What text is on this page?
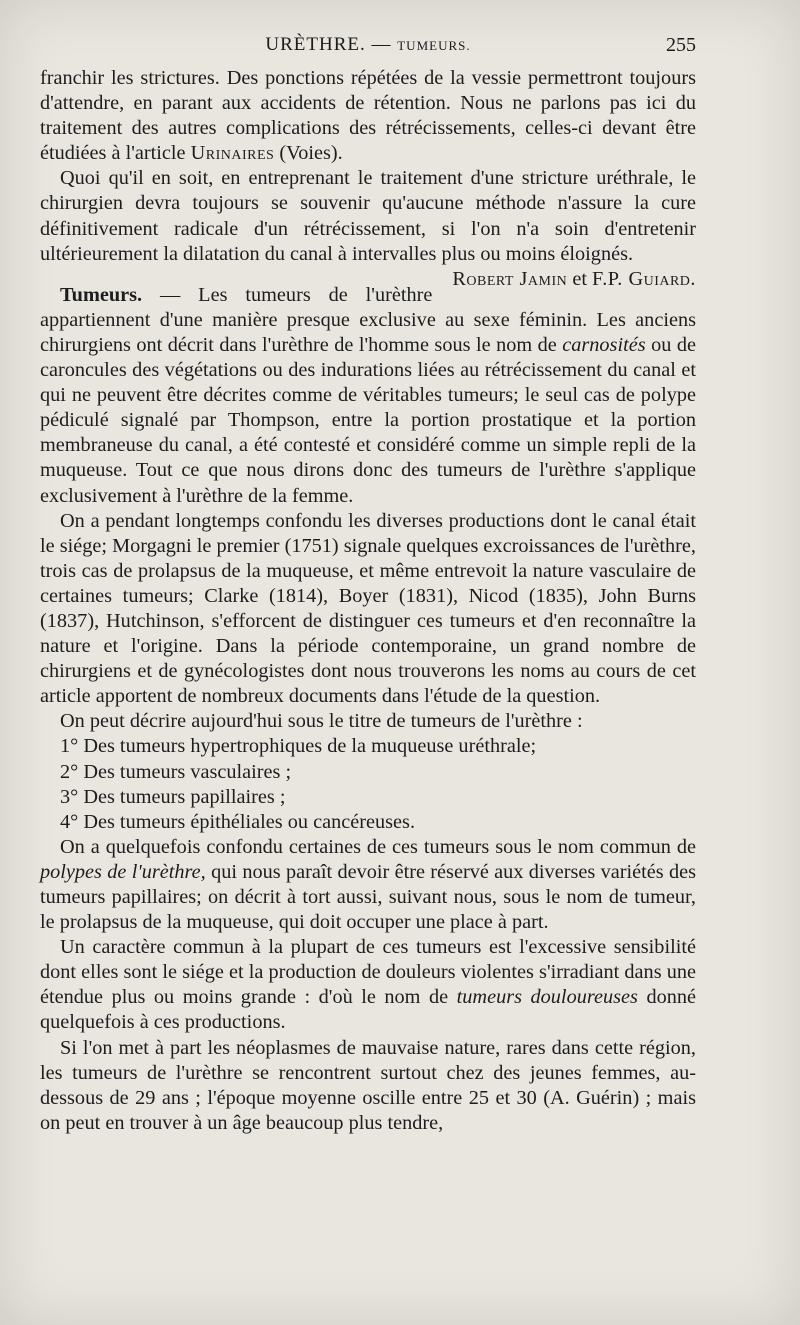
URÈTHRE. — TUMEURS.	255

franchir les strictures. Des ponctions répétées de la vessie permettront toujours d'attendre, en parant aux accidents de rétention. Nous ne parlons pas ici du traitement des autres complications des rétrécissements, celles-ci devant être étudiées à l'article Urinaires (Voies).

Quoi qu'il en soit, en entreprenant le traitement d'une stricture uréthrale, le chirurgien devra toujours se souvenir qu'aucune méthode n'assure la cure définitivement radicale d'un rétrécissement, si l'on n'a soin d'entretenir ultérieurement la dilatation du canal à intervalles plus ou moins éloignés.
Robert Jamin et F.P. Guiard.

Tumeurs. — Les tumeurs de l'urèthre appartiennent d'une manière presque exclusive au sexe féminin. Les anciens chirurgiens ont décrit dans l'urèthre de l'homme sous le nom de carnosités ou de caroncules des végétations ou des indurations liées au rétrécissement du canal et qui ne peuvent être décrites comme de véritables tumeurs; le seul cas de polype pédiculé signalé par Thompson, entre la portion prostatique et la portion membraneuse du canal, a été contesté et considéré comme un simple repli de la muqueuse. Tout ce que nous dirons donc des tumeurs de l'urèthre s'applique exclusivement à l'urèthre de la femme.

On a pendant longtemps confondu les diverses productions dont le canal était le siége; Morgagni le premier (1751) signale quelques excroissances de l'urèthre, trois cas de prolapsus de la muqueuse, et même entrevoit la nature vasculaire de certaines tumeurs; Clarke (1814), Boyer (1831), Nicod (1835), John Burns (1837), Hutchinson, s'efforcent de distinguer ces tumeurs et d'en reconnaître la nature et l'origine. Dans la période contemporaine, un grand nombre de chirurgiens et de gynécologistes dont nous trouverons les noms au cours de cet article apportent de nombreux documents dans l'étude de la question.

On peut décrire aujourd'hui sous le titre de tumeurs de l'urèthre :

1° Des tumeurs hypertrophiques de la muqueuse uréthrale;

2° Des tumeurs vasculaires ;

3° Des tumeurs papillaires ;

4° Des tumeurs épithéliales ou cancéreuses.

On a quelquefois confondu certaines de ces tumeurs sous le nom commun de polypes de l'urèthre, qui nous paraît devoir être réservé aux diverses variétés des tumeurs papillaires; on décrit à tort aussi, suivant nous, sous le nom de tumeur, le prolapsus de la muqueuse, qui doit occuper une place à part.

Un caractère commun à la plupart de ces tumeurs est l'excessive sensibilité dont elles sont le siége et la production de douleurs violentes s'irradiant dans une étendue plus ou moins grande : d'où le nom de tumeurs douloureuses donné quelquefois à ces productions.

Si l'on met à part les néoplasmes de mauvaise nature, rares dans cette région, les tumeurs de l'urèthre se rencontrent surtout chez des jeunes femmes, au-dessous de 29 ans ; l'époque moyenne oscille entre 25 et 30 (A. Guérin) ; mais on peut en trouver à un âge beaucoup plus tendre,
